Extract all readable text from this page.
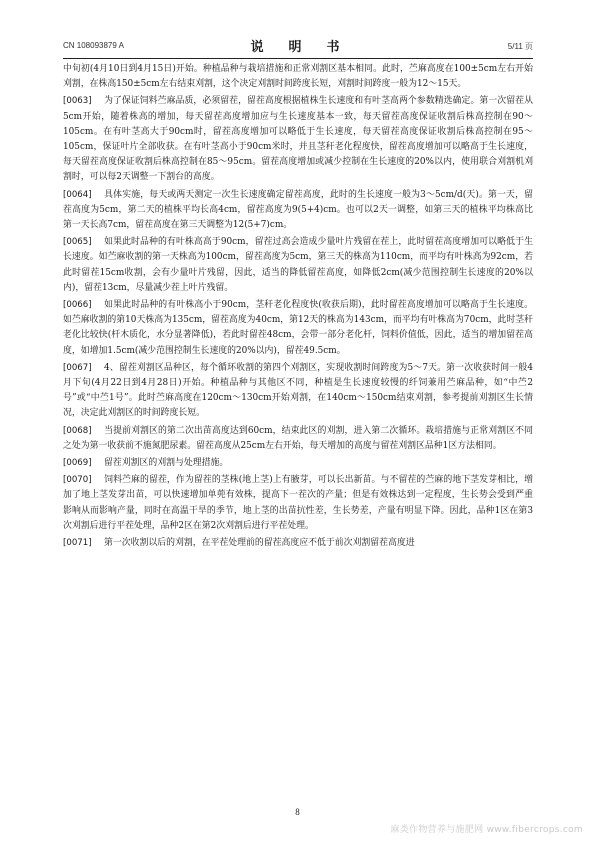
CN 108093879 A	说　明　书	5/11 页

中旬初(4月10日到4月15日)开始。种植品种与栽培措施和正常刈割区基本相同。此时，苎麻高度在100±5cm左右开始刈割，在株高150±5cm左右结束刈割，这个决定刈割时间跨度长短，刈割时间跨度一般为12～15天。

[0063] 为了保证饲料苎麻品质，必须留茬，留茬高度根据植株生长速度和有叶茎高两个参数精选确定。第一次留茬从5cm开始，随着株高的增加，每天留茬高度增加应与生长速度基本一致，每天留茬高度保证收割后株高控制在90～105cm。在有叶茎高大于90cm时，留茬高度增加可以略低于生长速度，每天留茬高度保证收割后株高控制在95～105cm，保证叶片全部收获。在有叶茎高小于90cm米时，并且茎秆老化程度快，留茬高度增加可以略高于生长速度，每天留茬高度保证收割后株高控制在85～95cm。留茬高度增加或减少控制在生长速度的20%以内，使用联合刈割机刈割时，可以每2天调整一下割台的高度。

[0064] 具体实施，每天或两天测定一次生长速度确定留茬高度，此时的生长速度一般为3～5cm/d(天)。第一天，留茬高度为5cm，第二天的植株平均长高4cm，留茬高度为9(5+4)cm。也可以2天一调整，如第三天的植株平均株高比第一天长高7cm，留茬高度在第三天调整为12(5+7)cm。

[0065] 如果此时品种的有叶株高高于90cm，留茬过高会造成少量叶片残留在茬上，此时留茬高度增加可以略低于生长速度。如苎麻收割的第一天株高为100cm，留茬高度为5cm，第三天的株高为110cm，而平均有叶株高为92cm，若此时留茬15cm收割，会有少量叶片残留，因此，适当的降低留茬高度，如降低2cm(减少范围控制生长速度的20%以内)，留茬13cm，尽量减少茬上叶片残留。

[0066] 如果此时品种的有叶株高小于90cm，茎秆老化程度快(收获后期)，此时留茬高度增加可以略高于生长速度。如苎麻收割的第10天株高为135cm，留茬高度为40cm，第12天的株高为143cm，而平均有叶株高为70cm，此时茎秆老化比较快(杆木质化，水分显著降低)，若此时留茬48cm，会带一部分老化杆，饲料价值低，因此，适当的增加留茬高度，如增加1.5cm(减少范围控制生长速度的20%以内)，留茬49.5cm。

[0067] 4、留茬刈割区品种区，每个循环收割的第四个刈割区，实现收割时间跨度为5～7天。第一次收获时间一般4月下旬(4月22日到4月28日)开始。种植品种与其他区不同，种植是生长速度较慢的纤饲兼用苎麻品种，如“中苎2号”或“中苎1号”。此时苎麻高度在120cm～130cm开始刈割，在140cm～150cm结束刈割，参考提前刈割区生长情况，决定此刈割区的时间跨度长短。

[0068] 当提前刈割区的第二次出苗高度达到60cm，结束此区的刈割，进入第二次循环。栽培措施与正常刈割区不同之处为第一收获前不施氮肥尿素。留茬高度从25cm左右开始，每天增加的高度与留茬刈割区品种1区方法相同。

[0069] 留茬刈割区的刈割与处理措施。

[0070] 饲料苎麻的留茬，作为留茬的茎株(地上茎)上有腋芽，可以长出新苗。与不留茬的苎麻的地下茎发芽相比，增加了地上茎发芽出苗，可以快速增加单蔸有效株，提高下一茬次的产量；但是有效株达到一定程度，生长势会受到严重影响从而影响产量，同时在高温干旱的季节，地上茎的出苗抗性差，生长势差，产量有明显下降。因此，品种1区在第3次刈割后进行平茬处理，品种2区在第2次刈割后进行平茬处理。

[0071] 第一次收割以后的刈割，在平茬处理前的留茬高度应不低于前次刈割留茬高度进

8
麻类作物营养与施肥网 www.fibercrops.com
